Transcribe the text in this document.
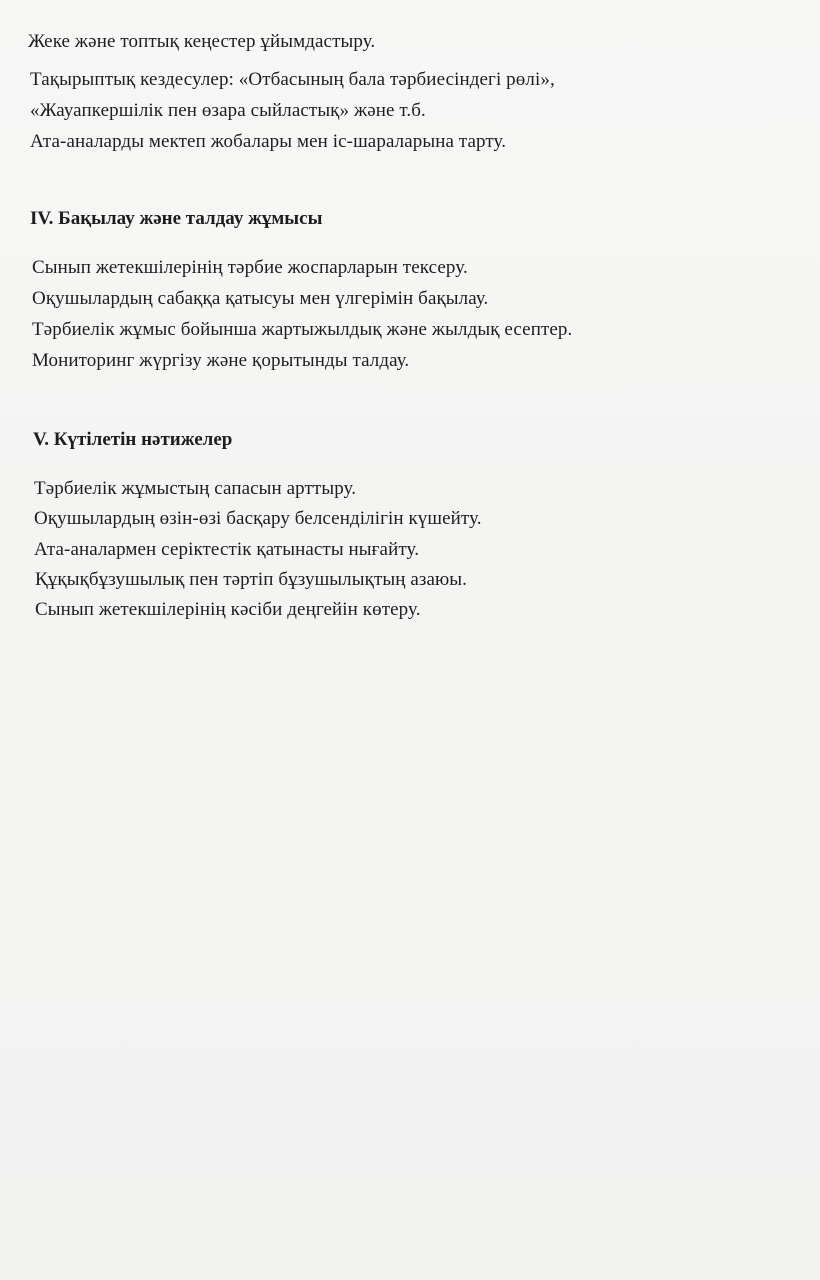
Жеке және топтық кеңестер ұйымдастыру.
Тақырыптық кездесулер: «Отбасының бала тәрбиесіндегі рөлі»,
«Жауапкершілік пен өзара сыйластық» және т.б.
Ата-аналарды мектеп жобалары мен іс-шараларына тарту.
IV. Бақылау және талдау жұмысы
Сынып жетекшілерінің тәрбие жоспарларын тексеру.
Оқушылардың сабаққа қатысуы мен үлгерімін бақылау.
Тәрбиелік жұмыс бойынша жартыжылдық және жылдық есептер.
Мониторинг жүргізу және қорытынды талдау.
V. Күтілетін нәтижелер
Тәрбиелік жұмыстың сапасын арттыру.
Оқушылардың өзін-өзі басқару белсенділігін күшейту.
Ата-аналармен серіктестік қатынасты нығайту.
Құқықбұзушылық пен тәртіп бұзушылықтың азаюы.
Сынып жетекшілерінің кәсіби деңгейін көтеру.
